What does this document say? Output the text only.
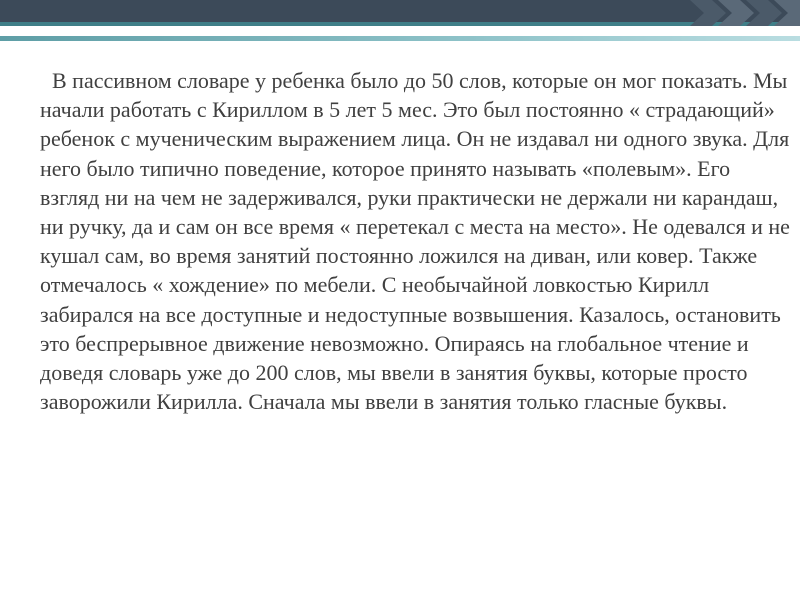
В пассивном словаре у ребенка было до 50 слов, которые он мог показать. Мы начали работать с Кириллом в 5 лет 5 мес. Это был постоянно « страдающий» ребенок с мученическим выражением лица. Он не издавал ни одного звука. Для него было типично поведение, которое принято называть «полевым». Его взгляд ни на чем не задерживался, руки практически не держали ни карандаш, ни ручку, да и сам он все время « перетекал с места на место». Не одевался и не кушал сам, во время занятий постоянно ложился на диван, или ковер. Также отмечалось « хождение» по мебели. С необычайной ловкостью Кирилл забирался на все доступные и недоступные возвышения. Казалось, остановить это беспрерывное движение невозможно. Опираясь на глобальное чтение и доведя словарь уже до 200 слов, мы ввели в занятия буквы, которые просто заворожили Кирилла. Сначала мы ввели в занятия только гласные буквы.
